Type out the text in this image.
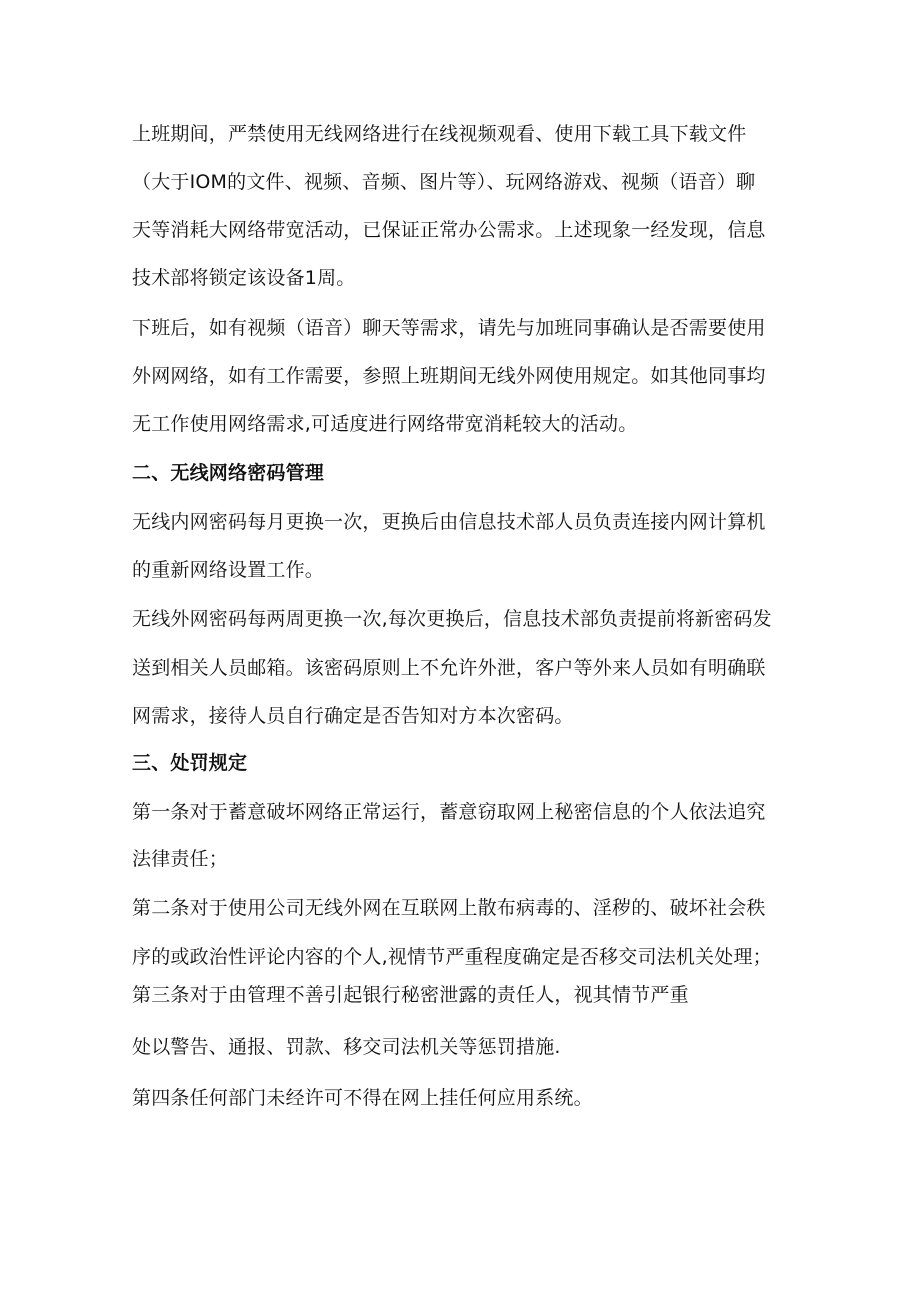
上班期间，严禁使用无线网络进行在线视频观看、使用下载工具下载文件
（大于IOM的文件、视频、音频、图片等）、玩网络游戏、视频（语音）聊
天等消耗大网络带宽活动，已保证正常办公需求。上述现象一经发现，信息
技术部将锁定该设备1周。
下班后，如有视频（语音）聊天等需求，请先与加班同事确认是否需要使用
外网网络，如有工作需要，参照上班期间无线外网使用规定。如其他同事均
无工作使用网络需求,可适度进行网络带宽消耗较大的活动。
二、无线网络密码管理
无线内网密码每月更换一次，更换后由信息技术部人员负责连接内网计算机
的重新网络设置工作。
无线外网密码每两周更换一次,每次更换后，信息技术部负责提前将新密码发
送到相关人员邮箱。该密码原则上不允许外泄，客户等外来人员如有明确联
网需求，接待人员自行确定是否告知对方本次密码。
三、处罚规定
第一条对于蓄意破坏网络正常运行，蓄意窃取网上秘密信息的个人依法追究
法律责任；
第二条对于使用公司无线外网在互联网上散布病毒的、淫秽的、破坏社会秩
序的或政治性评论内容的个人,视情节严重程度确定是否移交司法机关处理；
第三条对于由管理不善引起银行秘密泄露的责任人，视其情节严重
处以警告、通报、罚款、移交司法机关等惩罚措施.
第四条任何部门未经许可不得在网上挂任何应用系统。
